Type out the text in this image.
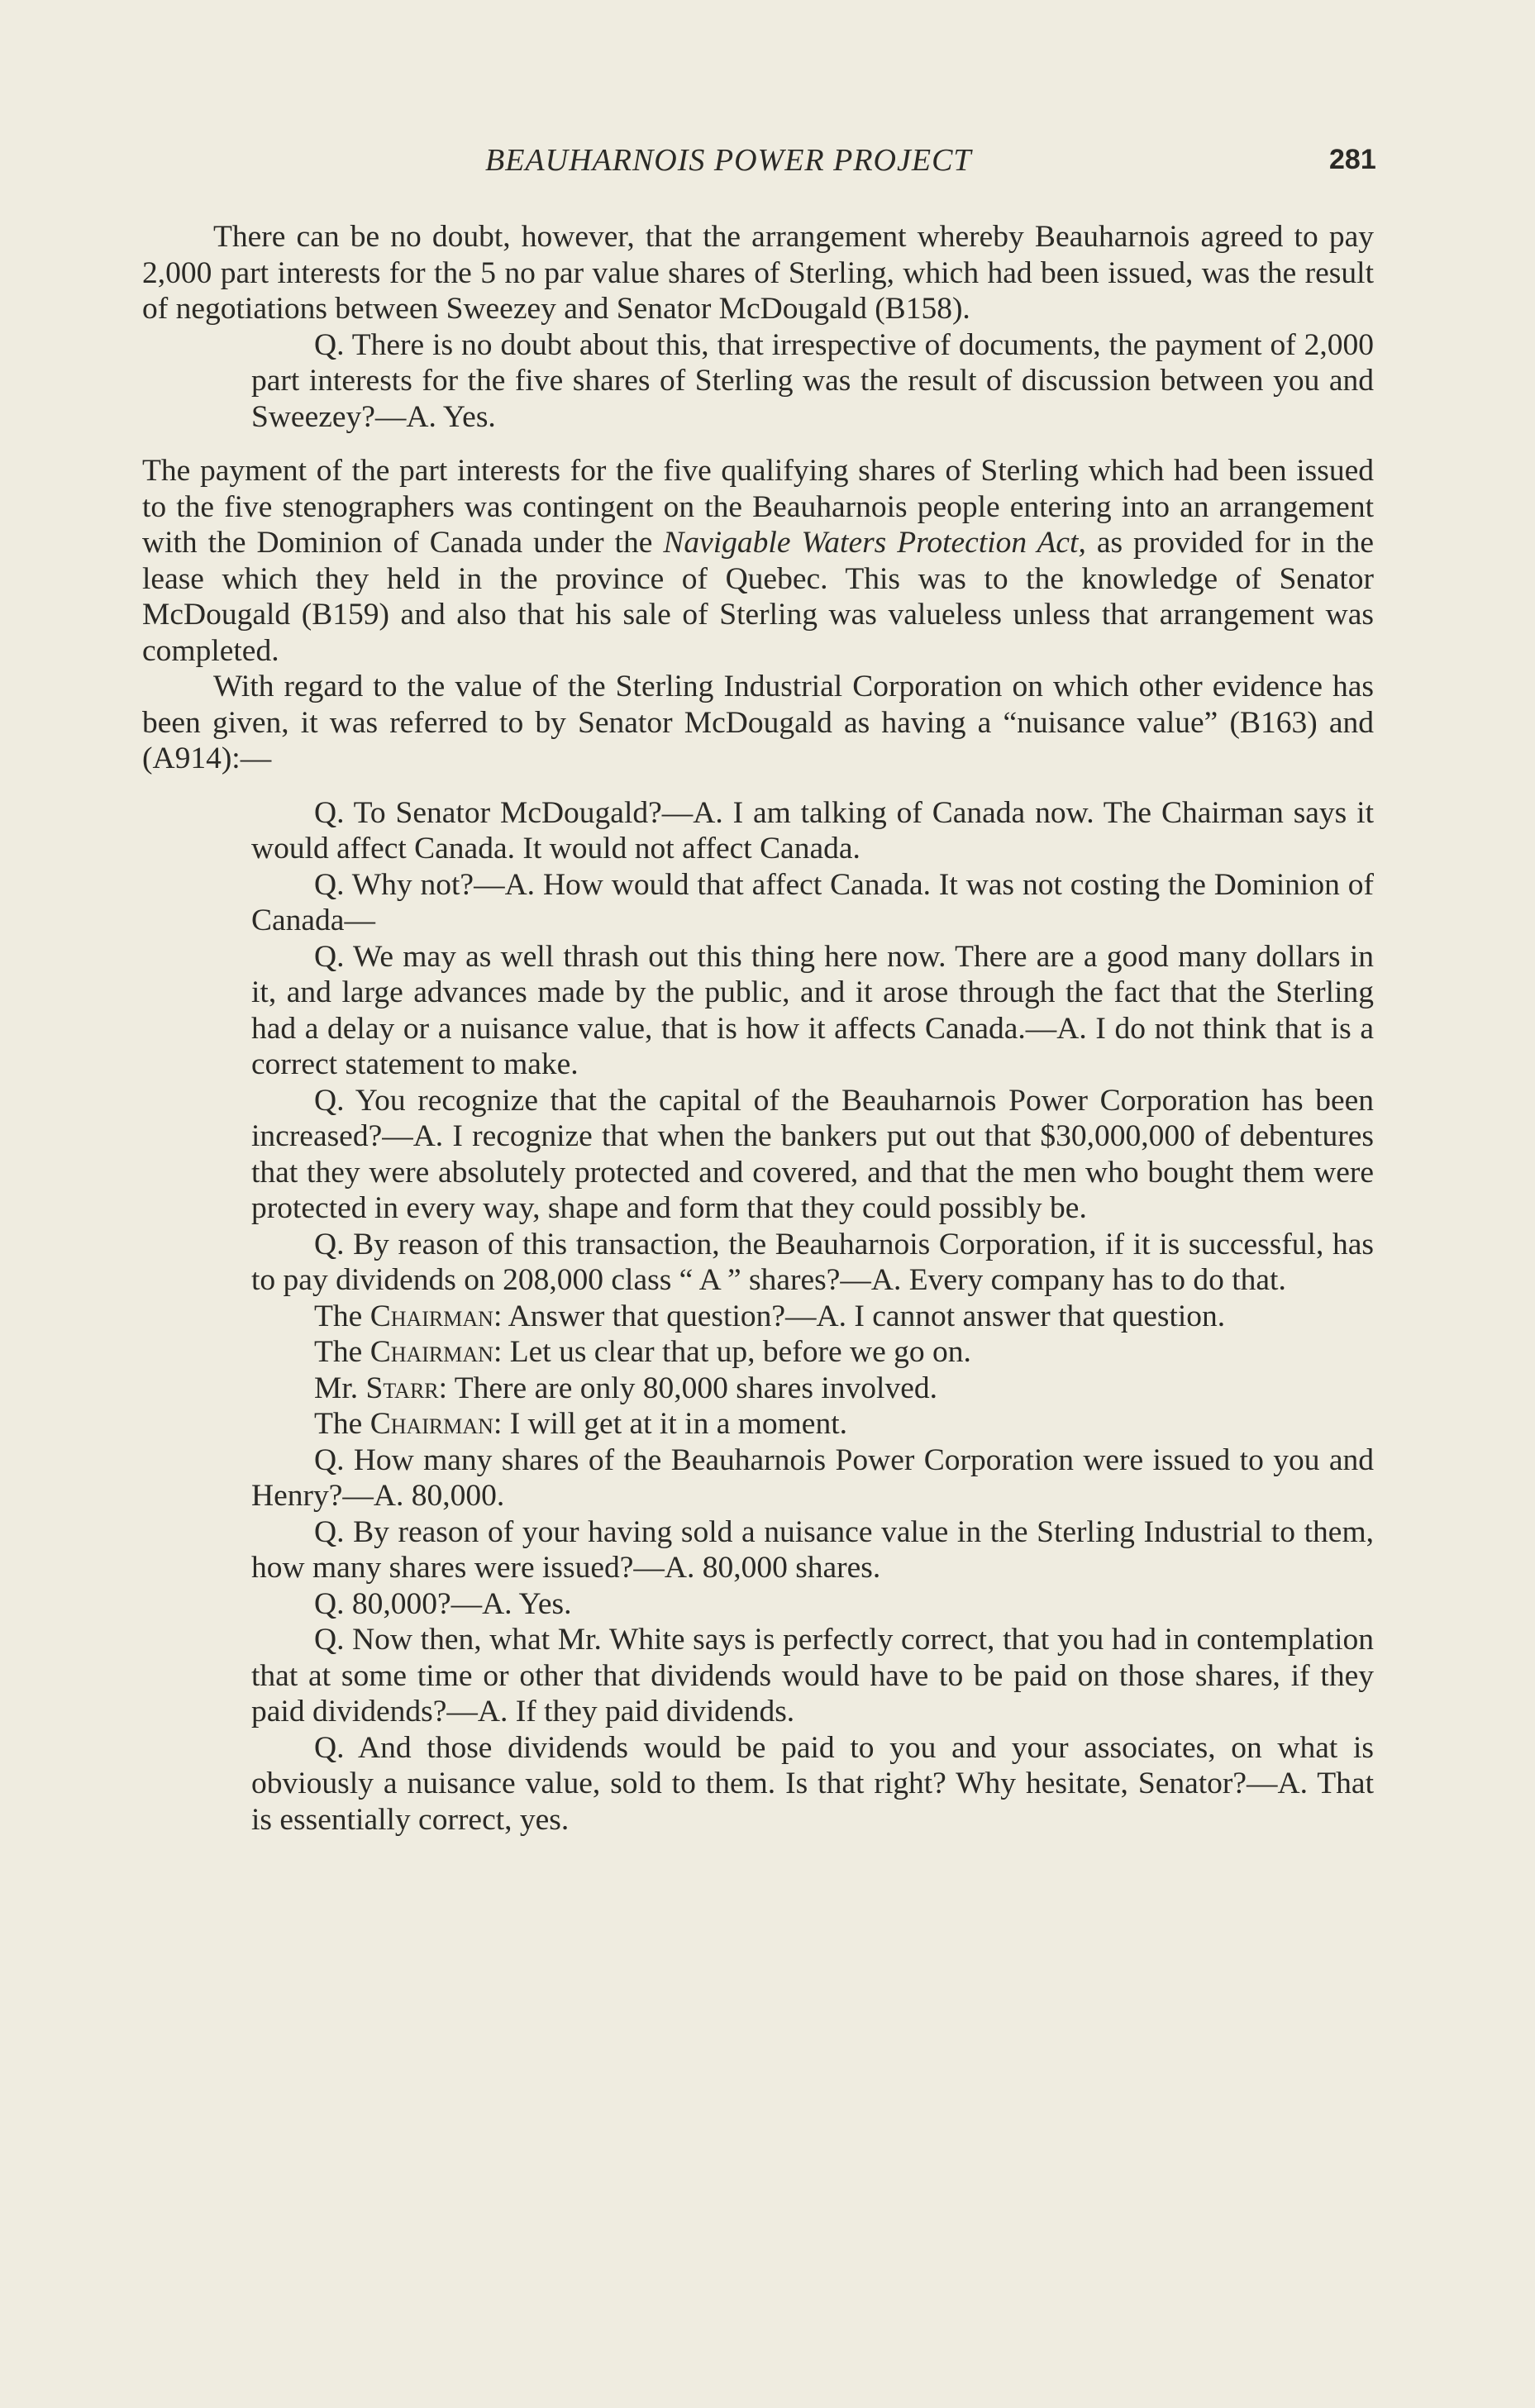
BEAUHARNOIS POWER PROJECT	281

There can be no doubt, however, that the arrangement whereby Beauharnois agreed to pay 2,000 part interests for the 5 no par value shares of Sterling, which had been issued, was the result of negotiations between Sweezey and Senator McDougald (B158).

Q. There is no doubt about this, that irrespective of documents, the payment of 2,000 part interests for the five shares of Sterling was the result of discussion between you and Sweezey?—A. Yes.

The payment of the part interests for the five qualifying shares of Sterling which had been issued to the five stenographers was contingent on the Beauharnois people entering into an arrangement with the Dominion of Canada under the Navigable Waters Protection Act, as provided for in the lease which they held in the province of Quebec. This was to the knowledge of Senator McDougald (B159) and also that his sale of Sterling was valueless unless that arrangement was completed.

With regard to the value of the Sterling Industrial Corporation on which other evidence has been given, it was referred to by Senator McDougald as having a “nuisance value” (B163) and (A914):—

Q. To Senator McDougald?—A. I am talking of Canada now. The Chairman says it would affect Canada. It would not affect Canada.

Q. Why not?—A. How would that affect Canada. It was not costing the Dominion of Canada—

Q. We may as well thrash out this thing here now. There are a good many dollars in it, and large advances made by the public, and it arose through the fact that the Sterling had a delay or a nuisance value, that is how it affects Canada.—A. I do not think that is a correct statement to make.

Q. You recognize that the capital of the Beauharnois Power Corporation has been increased?—A. I recognize that when the bankers put out that $30,000,000 of debentures that they were absolutely protected and covered, and that the men who bought them were protected in every way, shape and form that they could possibly be.

Q. By reason of this transaction, the Beauharnois Corporation, if it is successful, has to pay dividends on 208,000 class “ A ” shares?—A. Every company has to do that.

The Chairman: Answer that question?—A. I cannot answer that question.

The Chairman: Let us clear that up, before we go on.

Mr. Starr: There are only 80,000 shares involved.

The Chairman: I will get at it in a moment.

Q. How many shares of the Beauharnois Power Corporation were issued to you and Henry?—A. 80,000.

Q. By reason of your having sold a nuisance value in the Sterling Industrial to them, how many shares were issued?—A. 80,000 shares.

Q. 80,000?—A. Yes.

Q. Now then, what Mr. White says is perfectly correct, that you had in contemplation that at some time or other that dividends would have to be paid on those shares, if they paid dividends?—A. If they paid dividends.

Q. And those dividends would be paid to you and your associates, on what is obviously a nuisance value, sold to them. Is that right? Why hesitate, Senator?—A. That is essentially correct, yes.
